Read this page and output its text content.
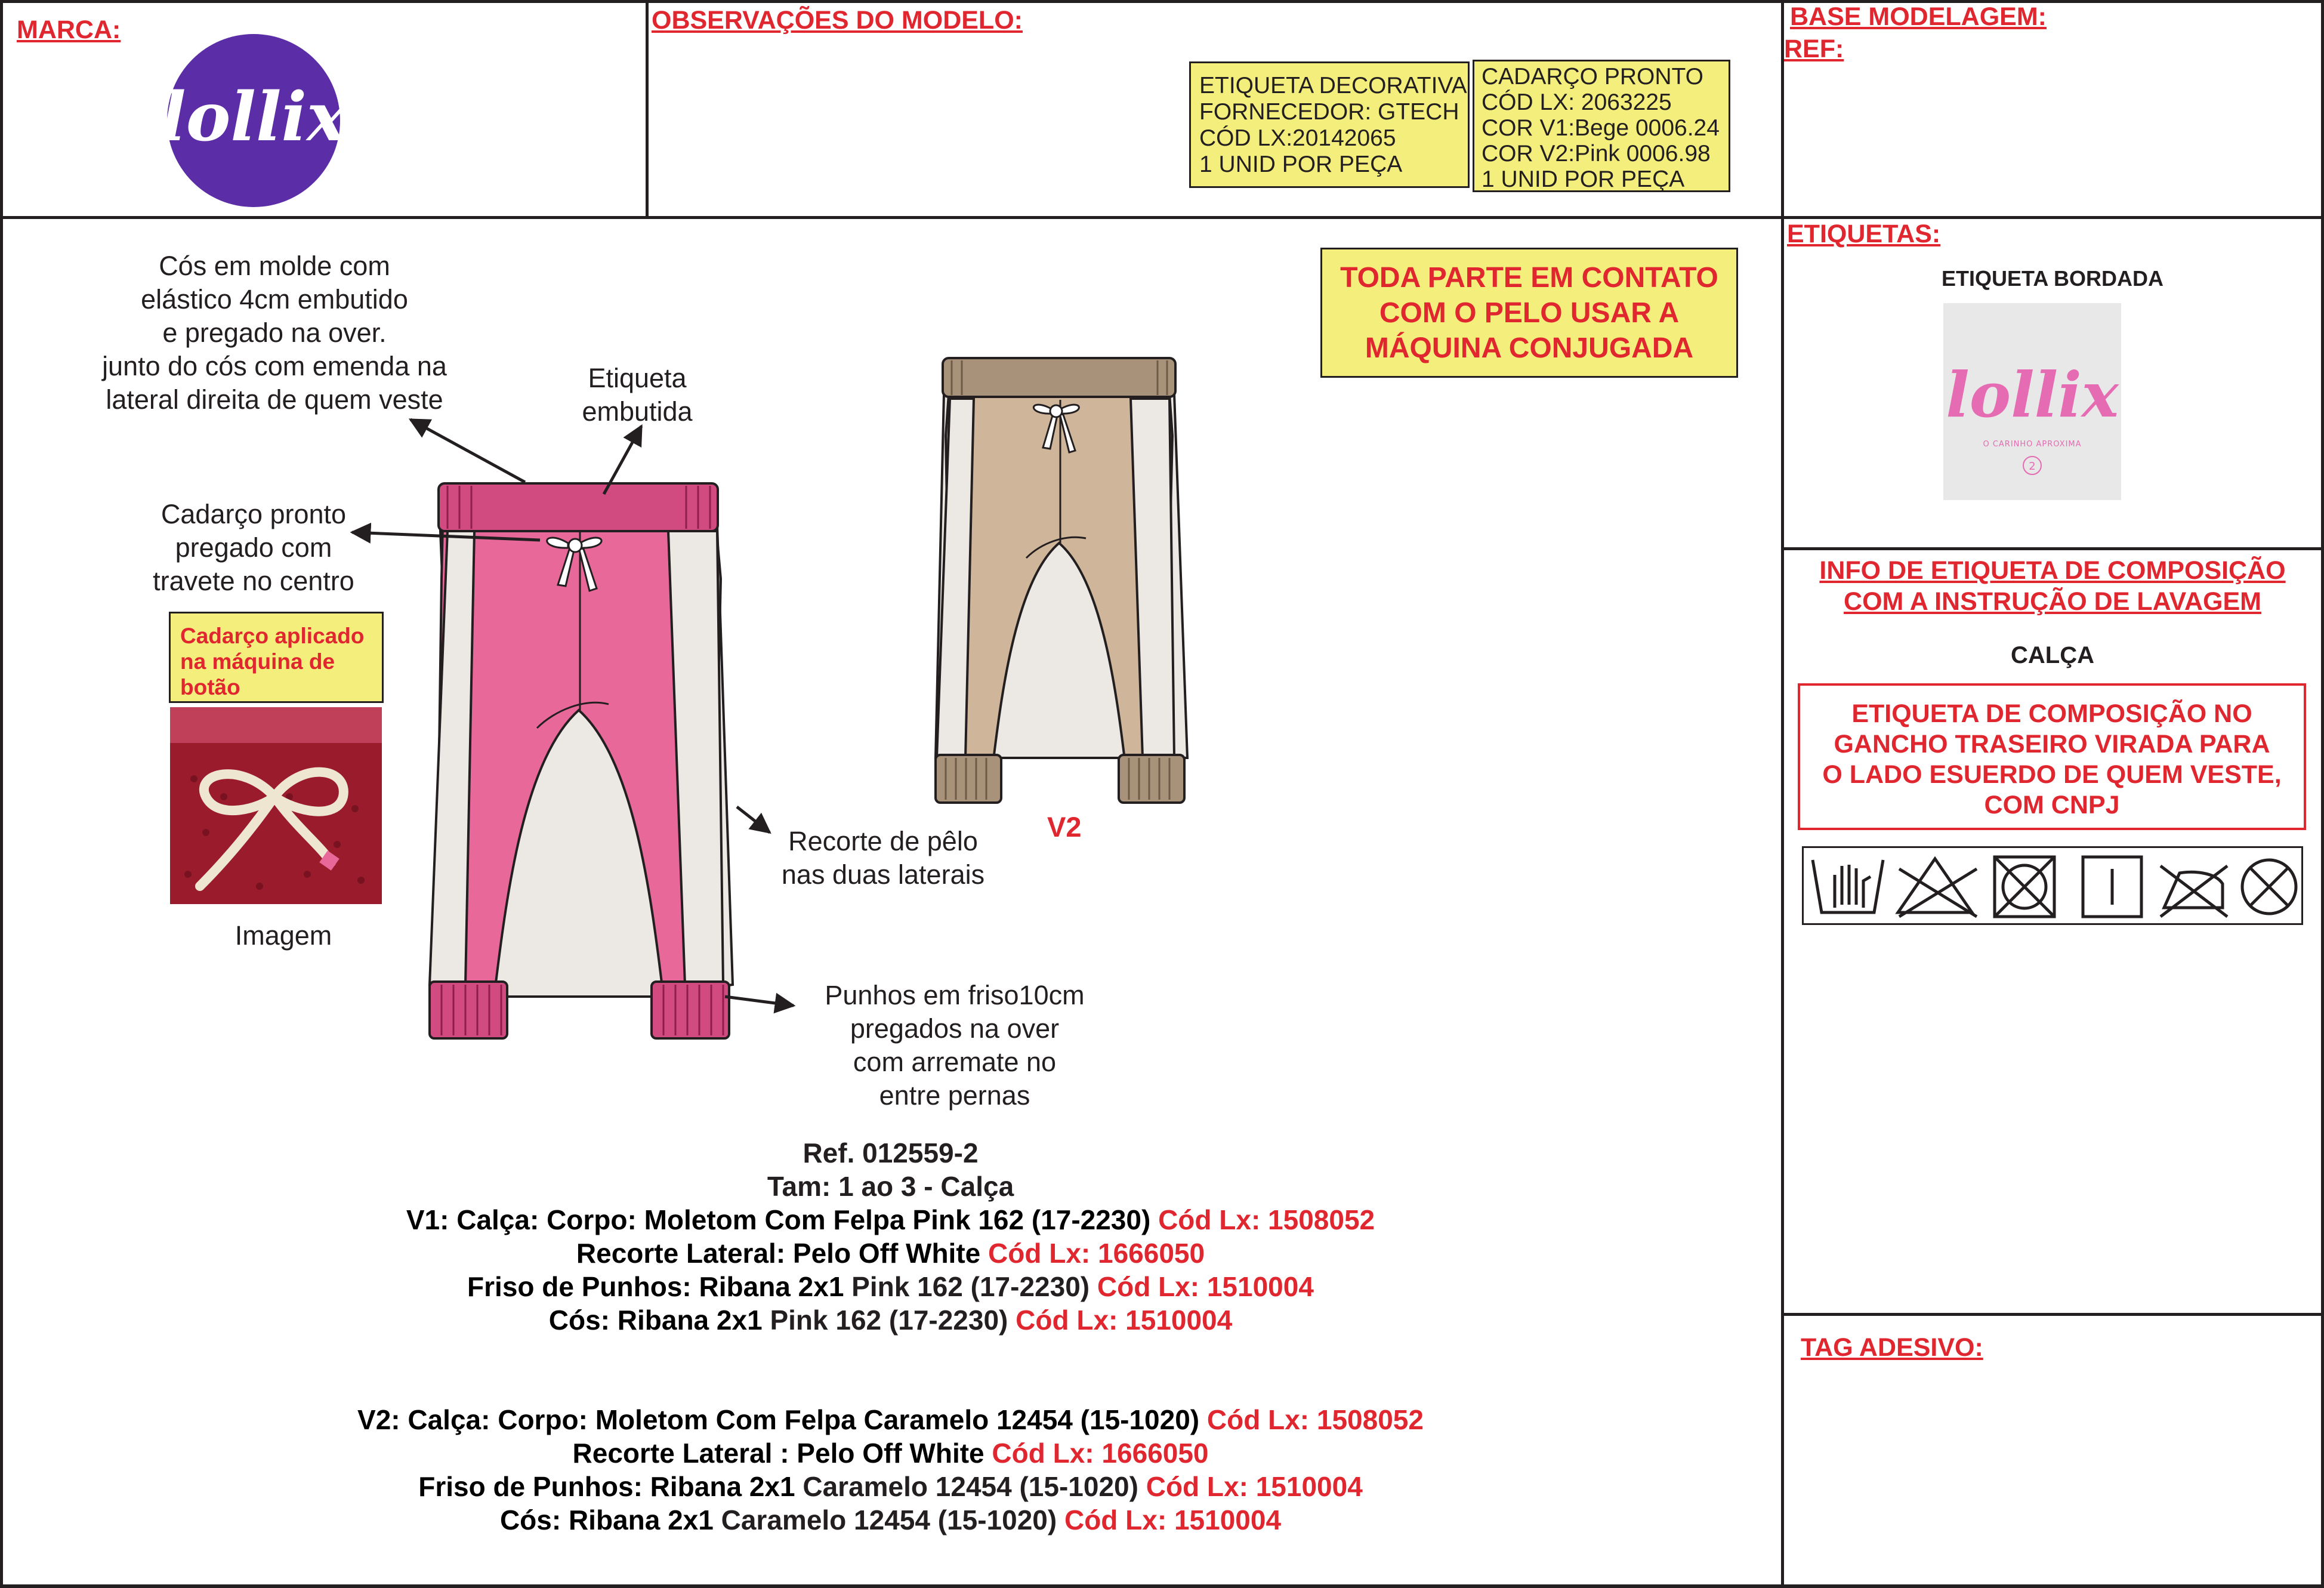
MARCA:
lollix
OBSERVAÇÕES DO MODELO:
ETIQUETA DECORATIVA
FORNECEDOR: GTECH
CÓD LX:20142065
1 UNID POR PEÇA
CADARÇO PRONTO
CÓD LX: 2063225
COR V1:Bege 0006.24
COR V2:Pink 0006.98
1 UNID POR PEÇA
BASE MODELAGEM:
REF:
Cós em molde com
elástico 4cm embutido
e pregado na over.
junto do cós com emenda na
lateral direita de quem veste
Etiqueta
embutida
Cadarço pronto
pregado com
travete no centro
Cadarço aplicado na máquina de botão
Imagem
Recorte de pêlo
nas duas laterais
Punhos em friso10cm
pregados na over
com arremate no
entre pernas
V2
TODA PARTE EM CONTATO
COM O PELO USAR A
MÁQUINA CONJUGADA
Ref. 012559-2
Tam: 1 ao 3 - Calça
V1: Calça: Corpo: Moletom Com Felpa Pink 162 (17-2230) Cód Lx: 1508052
Recorte Lateral: Pelo Off White Cód Lx: 1666050
Friso de Punhos: Ribana 2x1 Pink 162 (17-2230) Cód Lx: 1510004
Cós: Ribana 2x1 Pink 162 (17-2230) Cód Lx: 1510004
V2: Calça: Corpo: Moletom Com Felpa Caramelo 12454 (15-1020) Cód Lx: 1508052
Recorte Lateral : Pelo Off White Cód Lx: 1666050
Friso de Punhos: Ribana 2x1 Caramelo 12454 (15-1020) Cód Lx: 1510004
Cós: Ribana 2x1 Caramelo 12454 (15-1020) Cód Lx: 1510004
ETIQUETAS:
ETIQUETA BORDADA
lollix
O CARINHO APROXIMA
2
INFO DE ETIQUETA DE COMPOSIÇÃO
COM A INSTRUÇÃO DE LAVAGEM
CALÇA
ETIQUETA DE COMPOSIÇÃO NO
GANCHO TRASEIRO VIRADA PARA
O LADO ESUERDO DE QUEM VESTE,
COM CNPJ
TAG ADESIVO:
